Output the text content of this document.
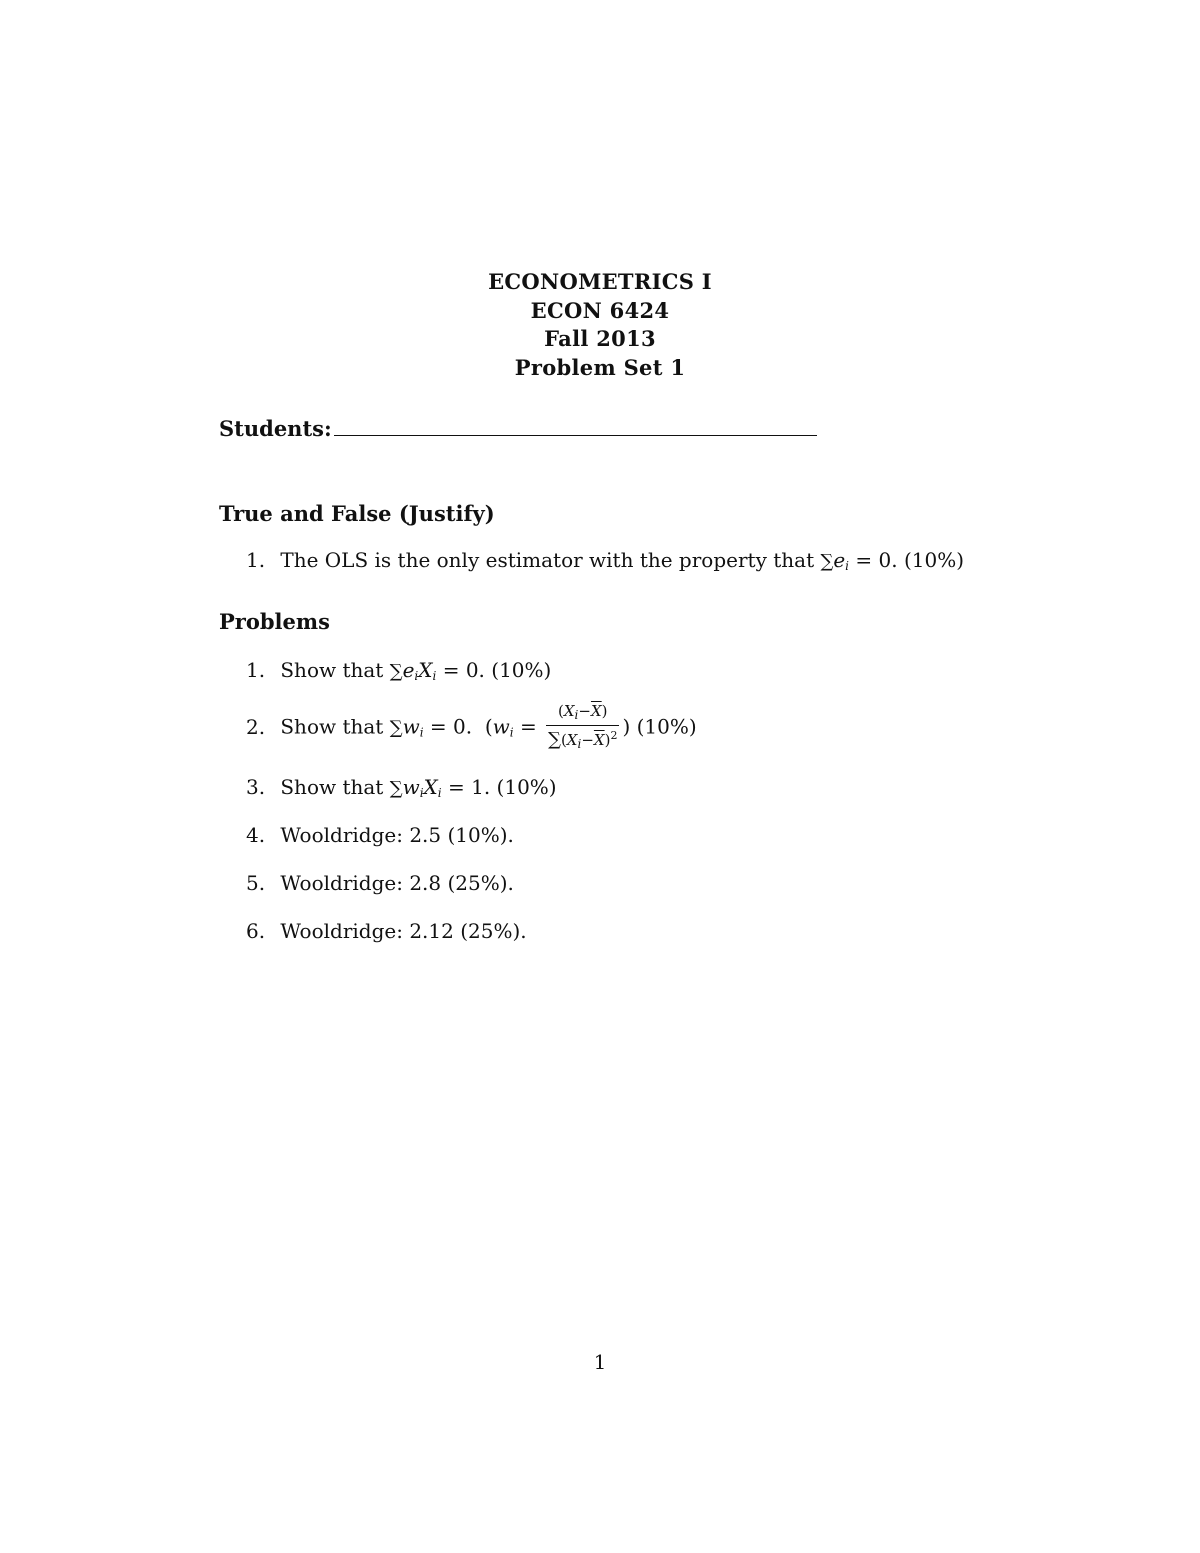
ECONOMETRICS I
ECON 6424
Fall 2013
Problem Set 1
Students:
True and False (Justify)
1. The OLS is the only estimator with the property that $\sum e_i = 0$. (10%)
Problems
1. Show that $\sum e_iX_i = 0$. (10%)
2. Show that $\sum w_i = 0$. ($w_i = \frac{(X_i-\overline{X})}{\sum(X_i-\overline{X})^2}$ ) (10%)
3. Show that $\sum w_iX_i = 1$. (10%)
4. Wooldridge: 2.5 (10%).
5. Wooldridge: 2.8 (25%).
6. Wooldridge: 2.12 (25%).
1
